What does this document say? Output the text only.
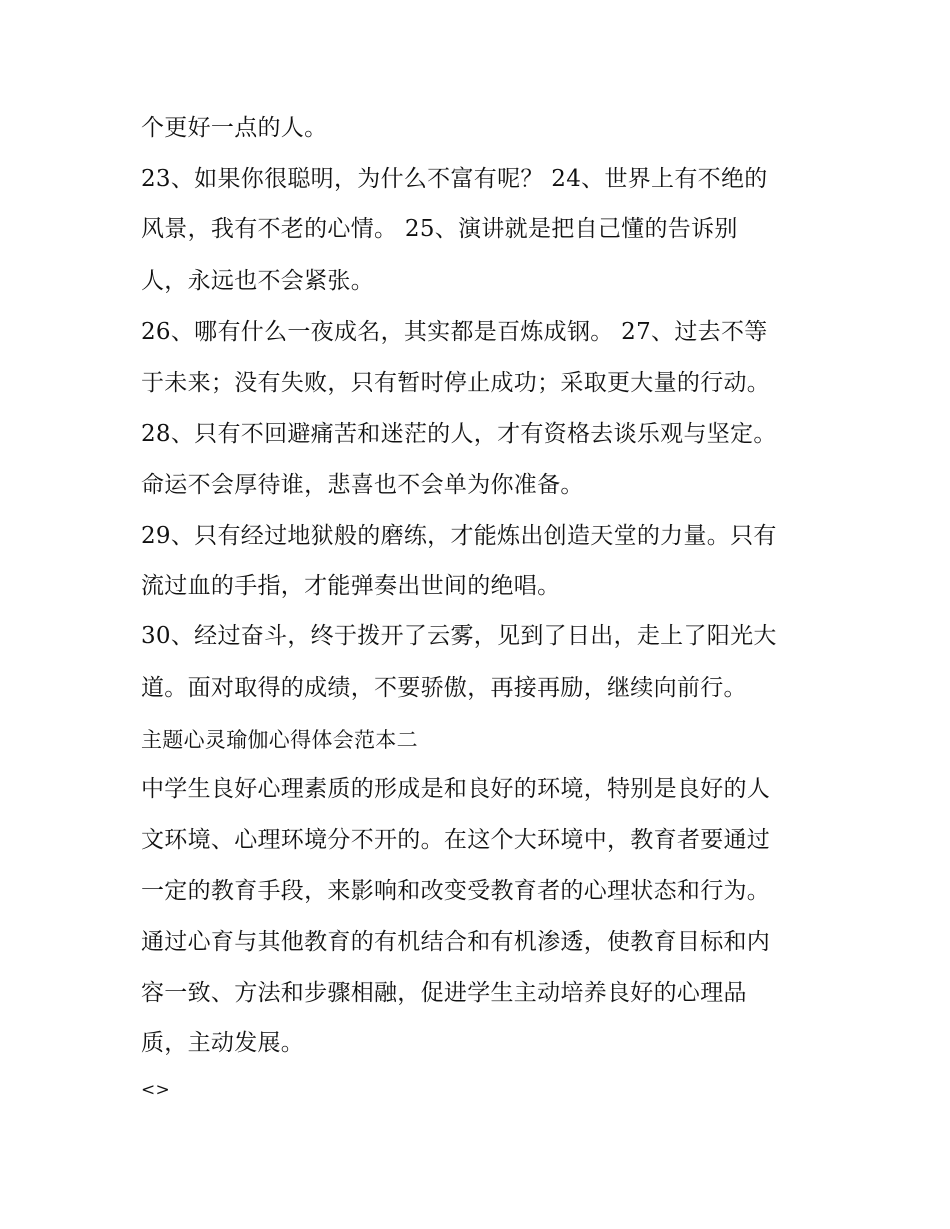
个更好一点的人。
23、如果你很聪明，为什么不富有呢？ 24、世界上有不绝的
风景，我有不老的心情。 25、演讲就是把自己懂的告诉别
人，永远也不会紧张。
26、哪有什么一夜成名，其实都是百炼成钢。 27、过去不等
于未来；没有失败，只有暂时停止成功；采取更大量的行动。
28、只有不回避痛苦和迷茫的人，才有资格去谈乐观与坚定。
命运不会厚待谁，悲喜也不会单为你准备。
29、只有经过地狱般的磨练，才能炼出创造天堂的力量。只有
流过血的手指，才能弹奏出世间的绝唱。
30、经过奋斗，终于拨开了云雾，见到了日出，走上了阳光大
道。面对取得的成绩，不要骄傲，再接再励，继续向前行。
主题心灵瑜伽心得体会范本二
中学生良好心理素质的形成是和良好的环境，特别是良好的人
文环境、心理环境分不开的。在这个大环境中，教育者要通过
一定的教育手段，来影响和改变受教育者的心理状态和行为。
通过心育与其他教育的有机结合和有机渗透，使教育目标和内
容一致、方法和步骤相融，促进学生主动培养良好的心理品
质，主动发展。
<>
